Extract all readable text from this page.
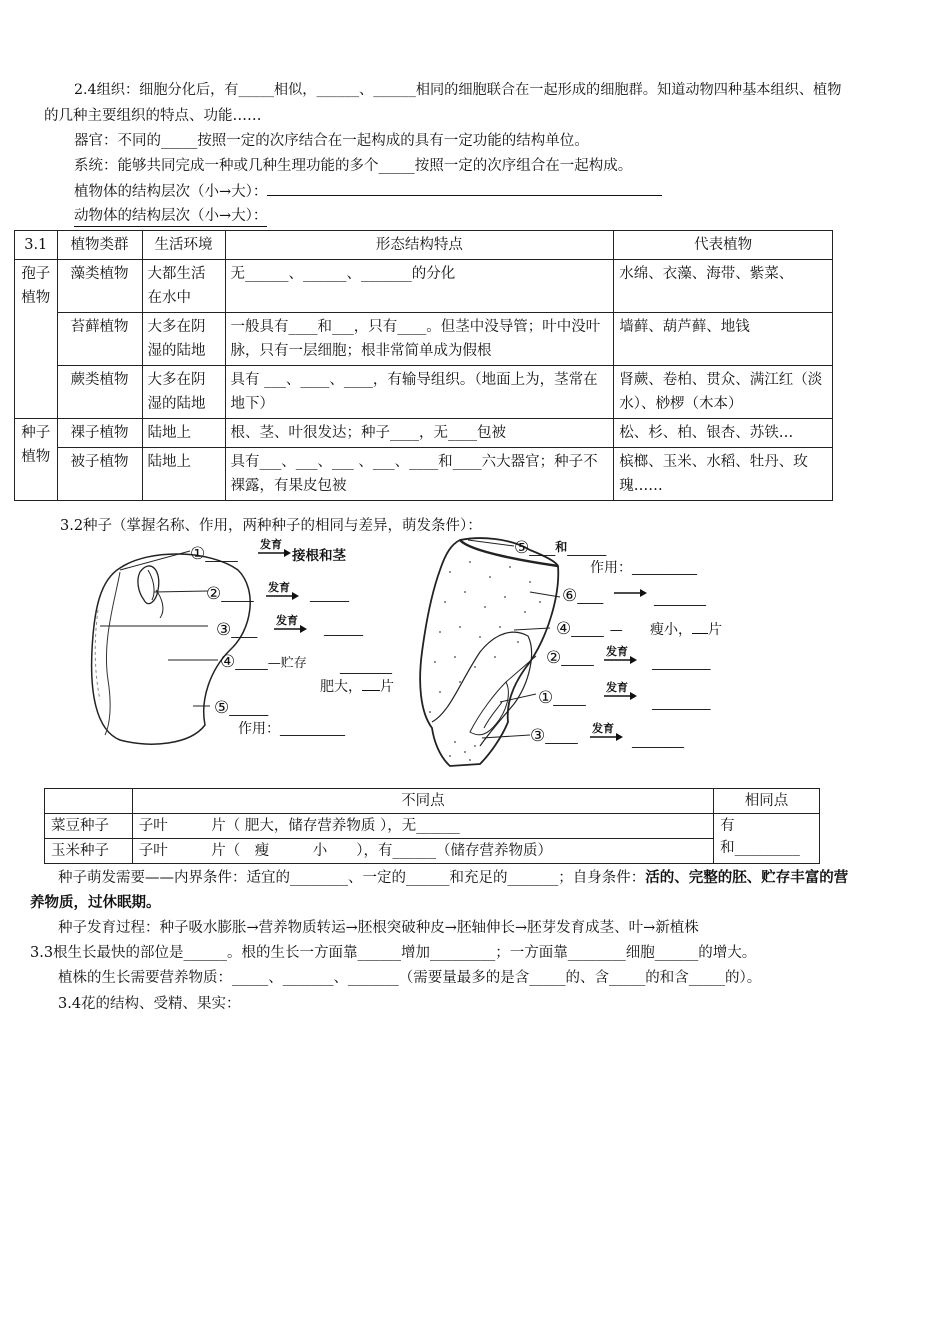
2.4组织：细胞分化后，有_____相似，______、______相同的细胞联合在一起形成的细胞群。知道动物四种基本组织、植物
的几种主要组织的特点、功能……
器官：不同的_____按照一定的次序结合在一起构成的具有一定功能的结构单位。
系统：能够共同完成一种或几种生理功能的多个_____按照一定的次序组合在一起构成。
植物体的结构层次（小→大）：
动物体的结构层次（小→大）：
3.1	植物类群	生活环境	形态结构特点	代表植物
孢子植物	藻类植物	大都生活在水中	无______、______、_______的分化	水绵、衣藻、海带、紫菜、
	苔藓植物	大多在阴湿的陆地	一般具有____和___，只有____。但茎中没导管；叶中没叶脉，只有一层细胞；根非常简单成为假根	墙藓、葫芦藓、地钱
	蕨类植物	大多在阴湿的陆地	具有 ___、____、____，有输导组织。（地面上为，茎常在地下）	肾蕨、卷柏、贯众、满江红（淡水）、桫椤（木本）
种子植物	裸子植物	陆地上	根、茎、叶很发达；种子____，无____包被	松、杉、柏、银杏、苏铁…
	被子植物	陆地上	具有___、___、___ 、___、____和____六大器官；种子不裸露，有果皮包被	槟榔、玉米、水稻、牡丹、玫瑰……
3.2种子（掌握名称、作用，两种种子的相同与差异，萌发条件）：
①_____
发育
接根和茎
②_____
发育
______
③____
发育
______
④_____—贮存	________
肥大， 片
⑤______
作用：__________
⑤____和______
作用：__________
⑥____	________
④_____ — 瘦小， 片
②_____
发育
_________
①_____
发育
_________
③_____
发育
________
	不同点	相同点
菜豆种子	子叶　　　片（ 肥大，储存营养物质 ），无______	有
和_________

玉米种子	子叶　　　片（　瘦　　　小　　），有______（储存营养物质）	
种子萌发需要——内界条件：适宜的________、一定的______和充足的_______；自身条件：活的、完整的胚、贮存丰富的营
养物质，过休眠期。
种子发育过程：种子吸水膨胀→营养物质转运→胚根突破种皮→胚轴伸长→胚芽发育成茎、叶→新植株
3.3根生长最快的部位是______。根的生长一方面靠______增加_________；一方面靠________细胞______的增大。
植株的生长需要营养物质：_____、_______、_______（需要量最多的是含_____的、含_____的和含_____的）。
3.4花的结构、受精、果实：
